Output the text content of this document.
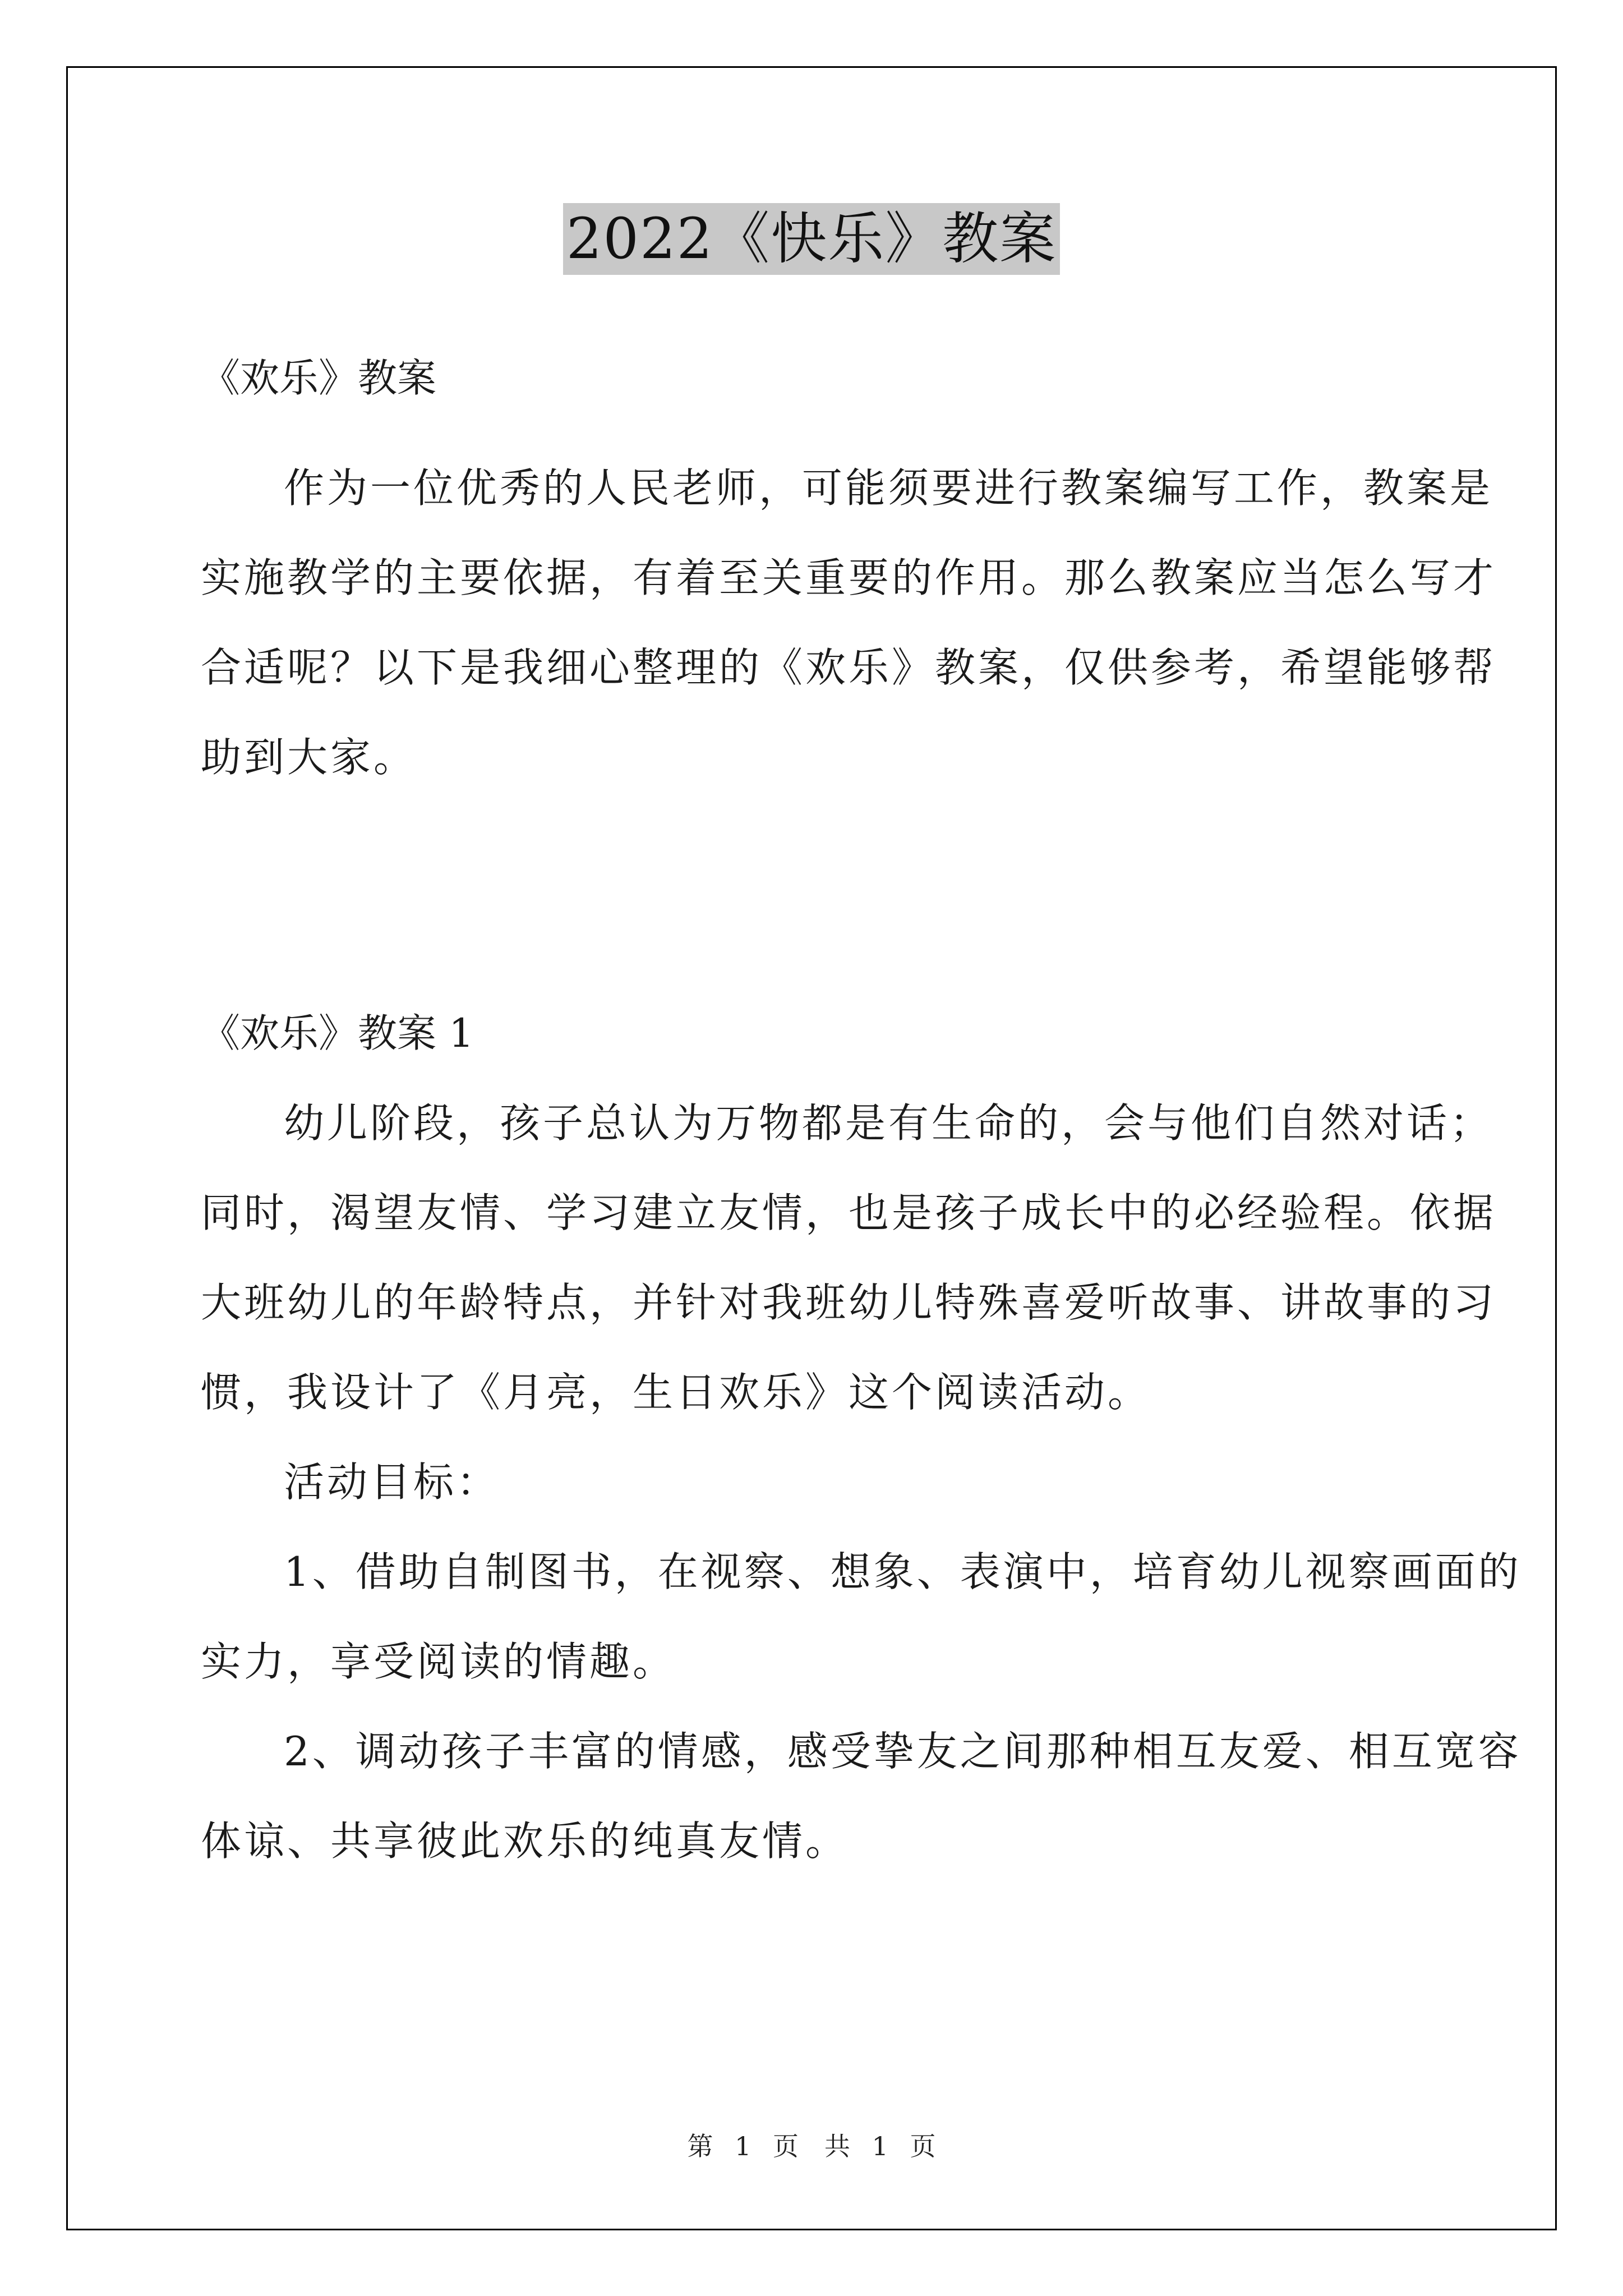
2022《快乐》教案

《欢乐》教案

作为一位优秀的人民老师，可能须要进行教案编写工作，教案是
实施教学的主要依据，有着至关重要的作用。那么教案应当怎么写才
合适呢？以下是我细心整理的《欢乐》教案，仅供参考，希望能够帮
助到大家。

《欢乐》教案 1

幼儿阶段，孩子总认为万物都是有生命的，会与他们自然对话；
同时，渴望友情、学习建立友情，也是孩子成长中的必经验程。依据
大班幼儿的年龄特点，并针对我班幼儿特殊喜爱听故事、讲故事的习
惯，我设计了《月亮，生日欢乐》这个阅读活动。

活动目标：

1、借助自制图书，在视察、想象、表演中，培育幼儿视察画面的
实力，享受阅读的情趣。

2、调动孩子丰富的情感，感受挚友之间那种相互友爱、相互宽容
体谅、共享彼此欢乐的纯真友情。

第 1 页　共 1 页
